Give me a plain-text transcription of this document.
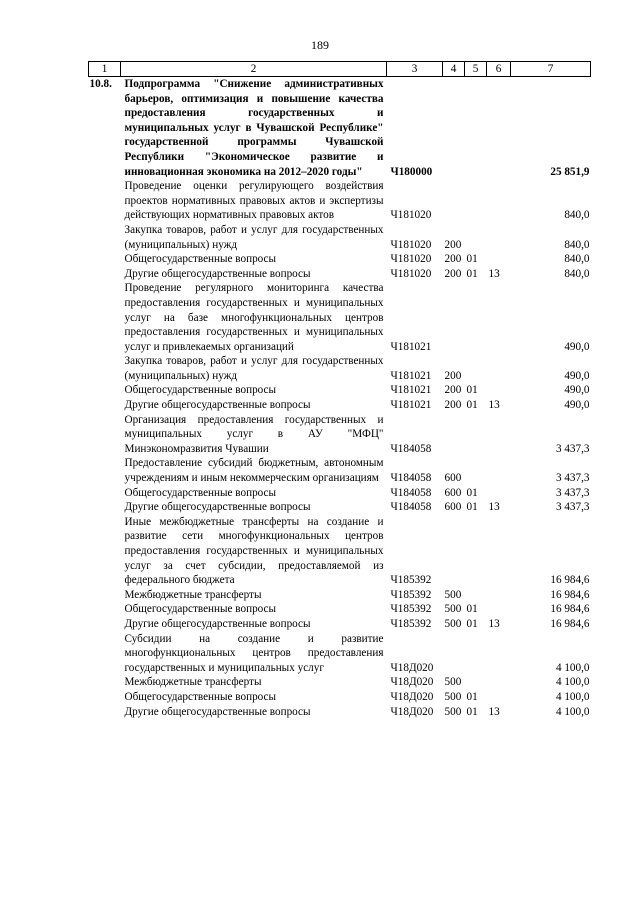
189
1	2	3	4	5	6	7
10.8.	Подпрограмма "Снижение административных барьеров, оптимизация и повышение качества предоставления государственных и муниципальных услуг в Чувашской Республике" государственной программы Чувашской Республики "Экономическое развитие и инновационная экономика на 2012–2020 годы"	Ч180000				25 851,9
	Проведение оценки регулирующего воздействия проектов нормативных правовых актов и экспертизы действующих нормативных правовых актов	Ч181020				840,0
	Закупка товаров, работ и услуг для государственных (муниципальных) нужд	Ч181020	200			840,0
	Общегосударственные вопросы	Ч181020	200	01		840,0
	Другие общегосударственные вопросы	Ч181020	200	01	13	840,0
	Проведение регулярного мониторинга качества предоставления государственных и муниципальных услуг на базе многофункциональных центров предоставления государственных и муниципальных услуг и привлекаемых организаций	Ч181021				490,0
	Закупка товаров, работ и услуг для государственных (муниципальных) нужд	Ч181021	200			490,0
	Общегосударственные вопросы	Ч181021	200	01		490,0
	Другие общегосударственные вопросы	Ч181021	200	01	13	490,0
	Организация предоставления государственных и муниципальных услуг в АУ "МФЦ" Минэкономразвития Чувашии	Ч184058				3 437,3
	Предоставление субсидий бюджетным, автономным учреждениям и иным некоммерческим организациям	Ч184058	600			3 437,3
	Общегосударственные вопросы	Ч184058	600	01		3 437,3
	Другие общегосударственные вопросы	Ч184058	600	01	13	3 437,3
	Иные межбюджетные трансферты на создание и развитие сети многофункциональных центров предоставления государственных и муниципальных услуг за счет субсидии, предоставляемой из федерального бюджета	Ч185392				16 984,6
	Межбюджетные трансферты	Ч185392	500			16 984,6
	Общегосударственные вопросы	Ч185392	500	01		16 984,6
	Другие общегосударственные вопросы	Ч185392	500	01	13	16 984,6
	Субсидии на создание и развитие многофункциональных центров предоставления государственных и муниципальных услуг	Ч18Д020				4 100,0
	Межбюджетные трансферты	Ч18Д020	500			4 100,0
	Общегосударственные вопросы	Ч18Д020	500	01		4 100,0
	Другие общегосударственные вопросы	Ч18Д020	500	01	13	4 100,0
